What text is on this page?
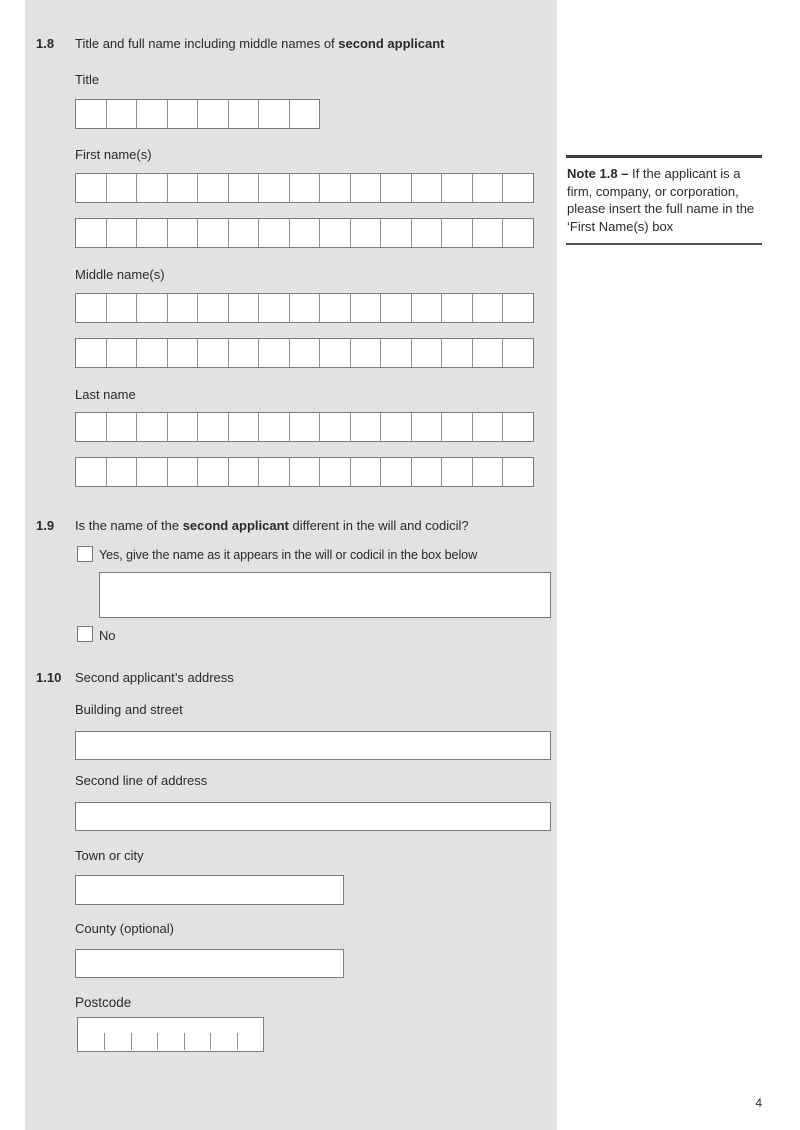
1.8 Title and full name including middle names of second applicant
Title
First name(s)
Middle name(s)
Last name
Note 1.8 – If the applicant is a firm, company, or corporation, please insert the full name in the ‘First Name(s) box
1.9 Is the name of the second applicant different in the will and codicil?
Yes, give the name as it appears in the will or codicil in the box below
No
1.10 Second applicant’s address
Building and street
Second line of address
Town or city
County (optional)
Postcode
4
